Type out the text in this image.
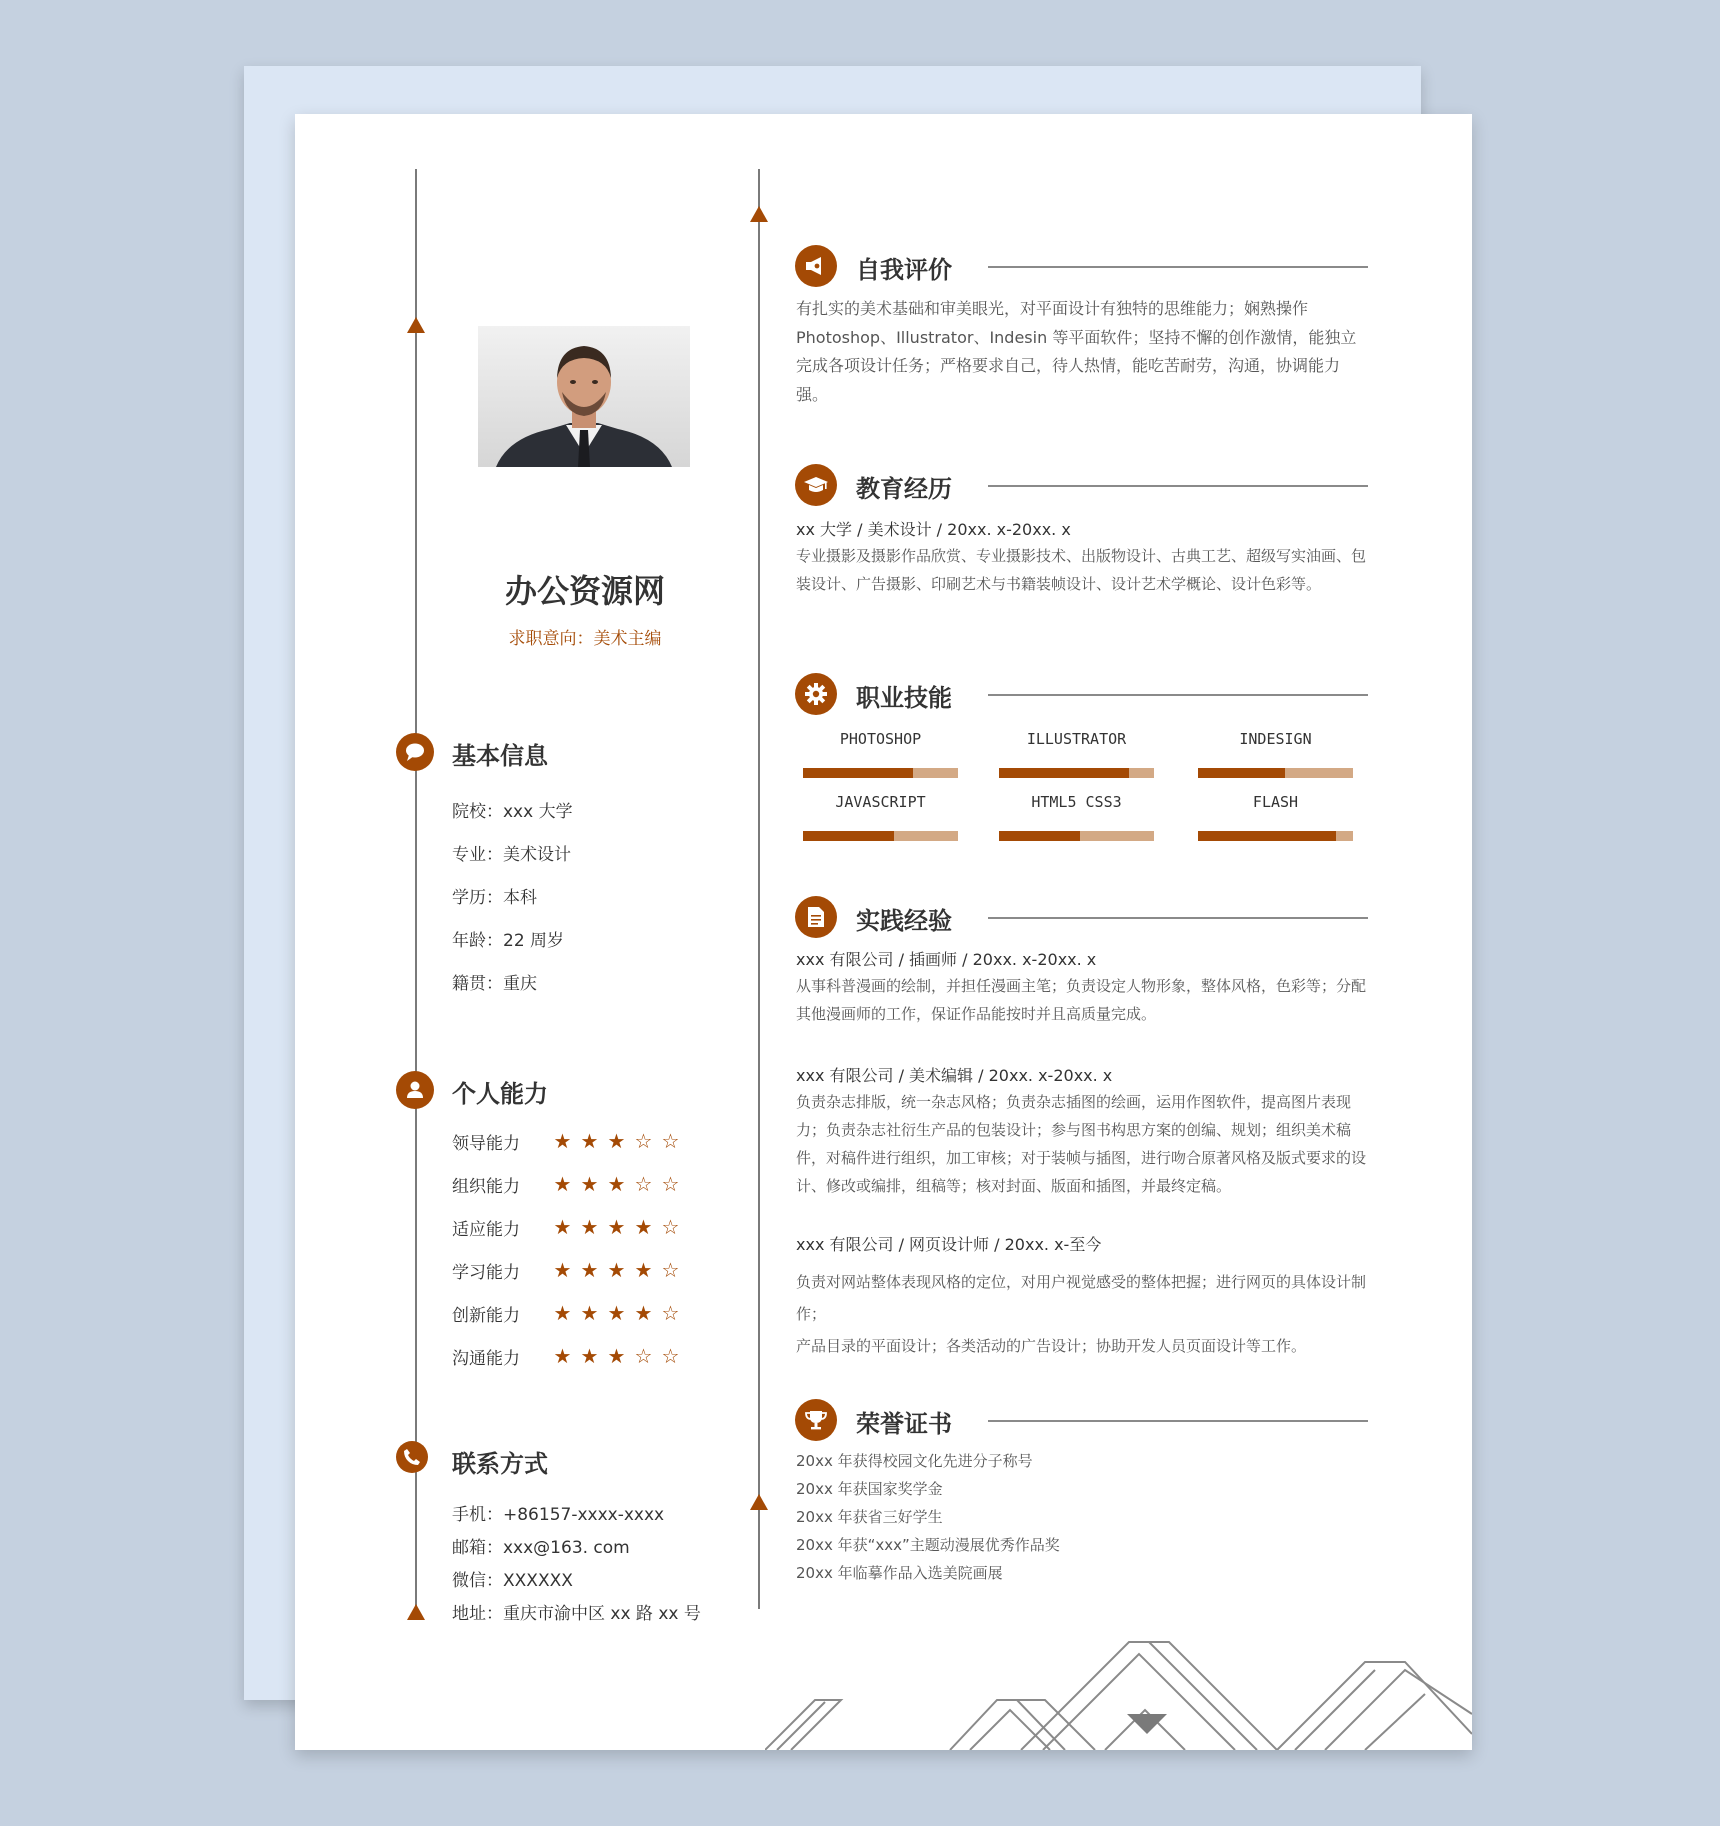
办公资源网
求职意向：美术主编
基本信息
院校：xxx 大学
专业：美术设计
学历：本科
年龄：22 周岁
籍贯：重庆
个人能力
领导能力	★ ★ ★ ☆ ☆
组织能力	★ ★ ★ ☆ ☆
适应能力	★ ★ ★ ★ ☆
学习能力	★ ★ ★ ★ ☆
创新能力	★ ★ ★ ★ ☆
沟通能力	★ ★ ★ ☆ ☆
联系方式
手机：+86157-xxxx-xxxx
邮箱：xxx@163. com
微信：XXXXXX
地址：重庆市渝中区 xx 路 xx 号
自我评价
有扎实的美术基础和审美眼光，对平面设计有独特的思维能力；娴熟操作 Photoshop、Illustrator、Indesin 等平面软件；坚持不懈的创作激情，能独立完成各项设计任务；严格要求自己，待人热情，能吃苦耐劳，沟通，协调能力强。
教育经历
xx 大学 / 美术设计 / 20xx. x-20xx. x
专业摄影及摄影作品欣赏、专业摄影技术、出版物设计、古典工艺、超级写实油画、包装设计、广告摄影、印刷艺术与书籍装帧设计、设计艺术学概论、设计色彩等。
职业技能
PHOTOSHOP	ILLUSTRATOR	INDESIGN
JAVASCRIPT	HTML5 CSS3	FLASH
实践经验
xxx 有限公司 / 插画师 / 20xx. x-20xx. x
从事科普漫画的绘制，并担任漫画主笔；负责设定人物形象，整体风格，色彩等；分配其他漫画师的工作，保证作品能按时并且高质量完成。
xxx 有限公司 / 美术编辑 / 20xx. x-20xx. x
负责杂志排版，统一杂志风格；负责杂志插图的绘画，运用作图软件，提高图片表现力；负责杂志社衍生产品的包装设计；参与图书构思方案的创编、规划；组织美术稿件，对稿件进行组织，加工审核；对于装帧与插图，进行吻合原著风格及版式要求的设计、修改或编排，组稿等；核对封面、版面和插图，并最终定稿。
xxx 有限公司 / 网页设计师 / 20xx. x-至今
负责对网站整体表现风格的定位，对用户视觉感受的整体把握；进行网页的具体设计制作；
产品目录的平面设计；各类活动的广告设计；协助开发人员页面设计等工作。
荣誉证书
20xx 年获得校园文化先进分子称号
20xx 年获国家奖学金
20xx 年获省三好学生
20xx 年获“xxx”主题动漫展优秀作品奖
20xx 年临摹作品入选美院画展
